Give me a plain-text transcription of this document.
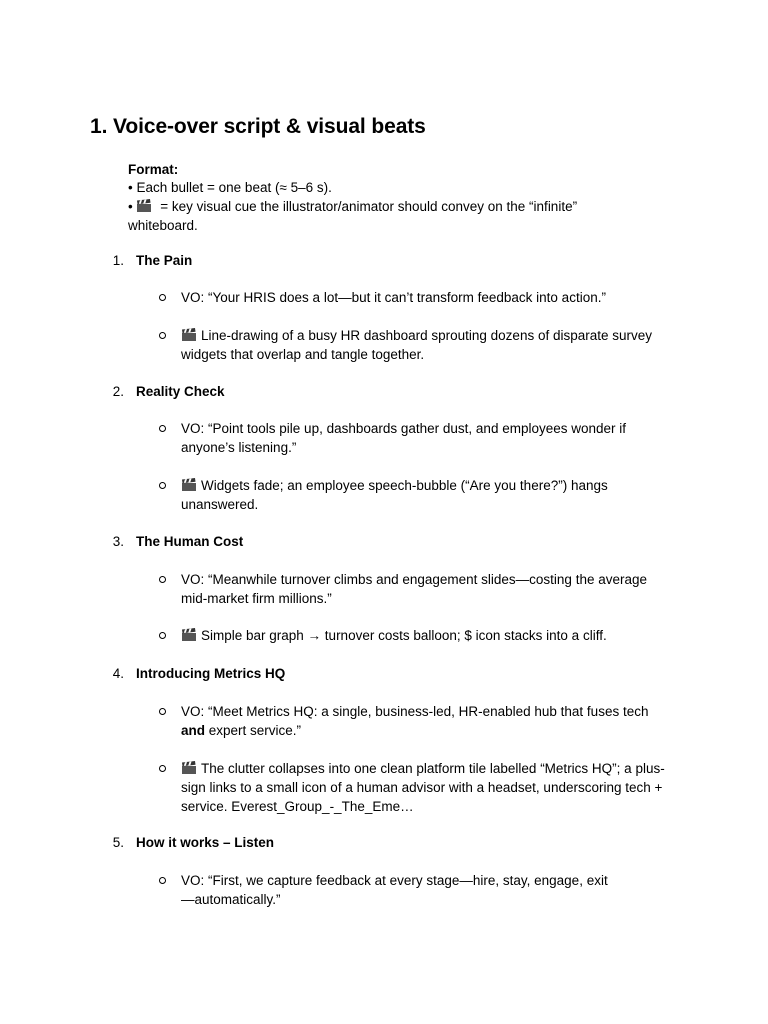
1. Voice-over script & visual beats
Format:
• Each bullet = one beat (≈ 5–6 s).
•  = key visual cue the illustrator/animator should convey on the “infinite”
whiteboard.
1. The Pain
VO: “Your HRIS does a lot—but it can’t transform feedback into action.”
Line-drawing of a busy HR dashboard sprouting dozens of disparate survey widgets that overlap and tangle together.
2. Reality Check
VO: “Point tools pile up, dashboards gather dust, and employees wonder if anyone’s listening.”
Widgets fade; an employee speech-bubble (“Are you there?”) hangs unanswered.
3. The Human Cost
VO: “Meanwhile turnover climbs and engagement slides—costing the average mid-market firm millions.”
Simple bar graph → turnover costs balloon; $ icon stacks into a cliff.
4. Introducing Metrics HQ
VO: “Meet Metrics HQ: a single, business-led, HR-enabled hub that fuses tech
and expert service.”
The clutter collapses into one clean platform tile labelled “Metrics HQ”; a plus-sign links to a small icon of a human advisor with a headset, underscoring tech + service. Everest_Group_-_The_Eme…
5. How it works – Listen
VO: “First, we capture feedback at every stage—hire, stay, engage, exit—automatically.”
